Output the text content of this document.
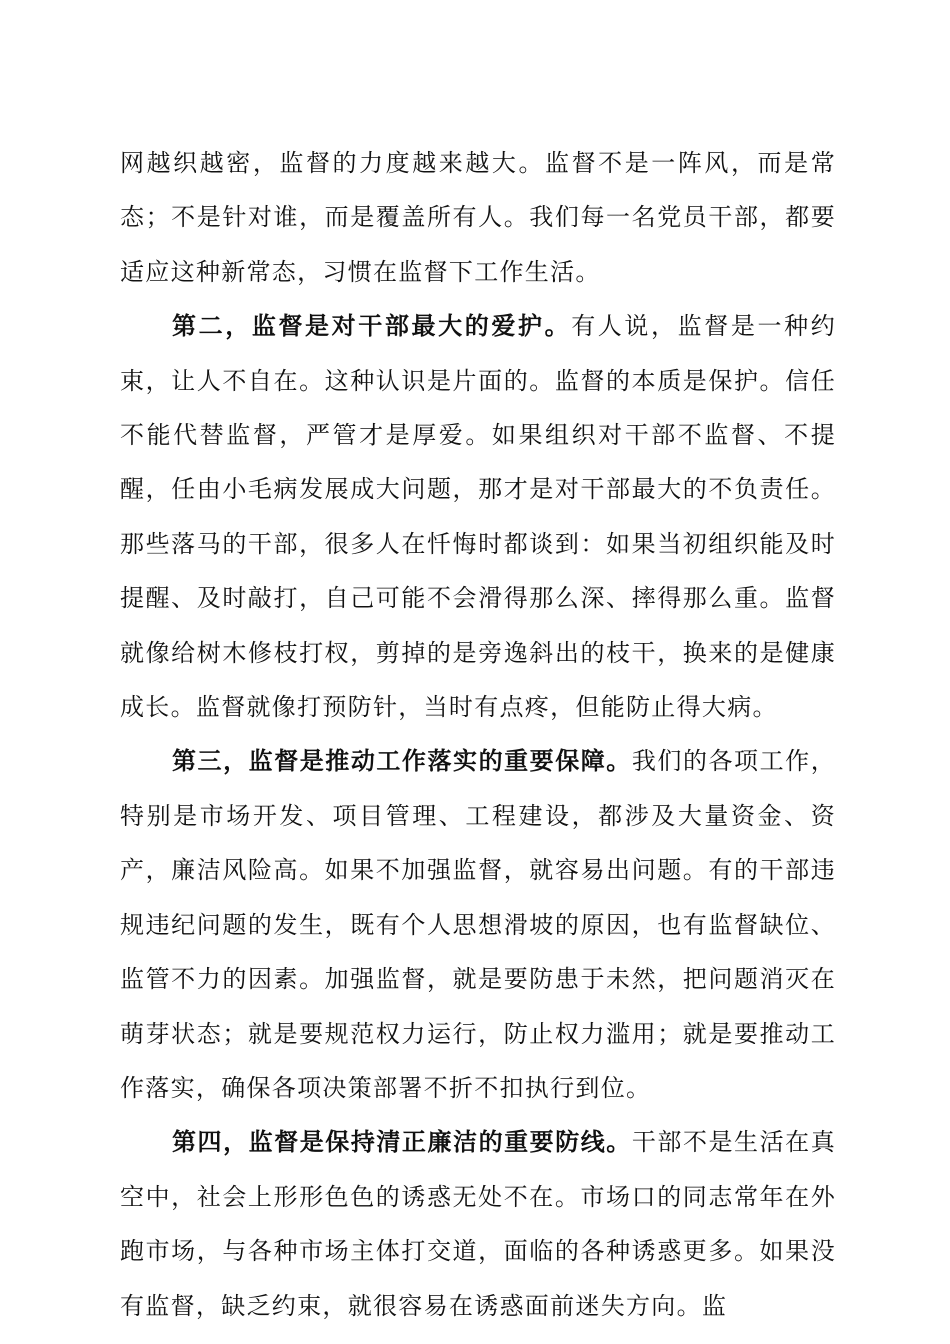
网越织越密，监督的力度越来越大。监督不是一阵风，而是常态；不是针对谁，而是覆盖所有人。我们每一名党员干部，都要适应这种新常态，习惯在监督下工作生活。

第二，监督是对干部最大的爱护。有人说，监督是一种约束，让人不自在。这种认识是片面的。监督的本质是保护。信任不能代替监督，严管才是厚爱。如果组织对干部不监督、不提醒，任由小毛病发展成大问题，那才是对干部最大的不负责任。那些落马的干部，很多人在忏悔时都谈到：如果当初组织能及时提醒、及时敲打，自己可能不会滑得那么深、摔得那么重。监督就像给树木修枝打杈，剪掉的是旁逸斜出的枝干，换来的是健康成长。监督就像打预防针，当时有点疼，但能防止得大病。

第三，监督是推动工作落实的重要保障。我们的各项工作，特别是市场开发、项目管理、工程建设，都涉及大量资金、资产，廉洁风险高。如果不加强监督，就容易出问题。有的干部违规违纪问题的发生，既有个人思想滑坡的原因，也有监督缺位、监管不力的因素。加强监督，就是要防患于未然，把问题消灭在萌芽状态；就是要规范权力运行，防止权力滥用；就是要推动工作落实，确保各项决策部署不折不扣执行到位。

第四，监督是保持清正廉洁的重要防线。干部不是生活在真空中，社会上形形色色的诱惑无处不在。市场口的同志常年在外跑市场，与各种市场主体打交道，面临的各种诱惑更多。如果没有监督，缺乏约束，就很容易在诱惑面前迷失方向。监
